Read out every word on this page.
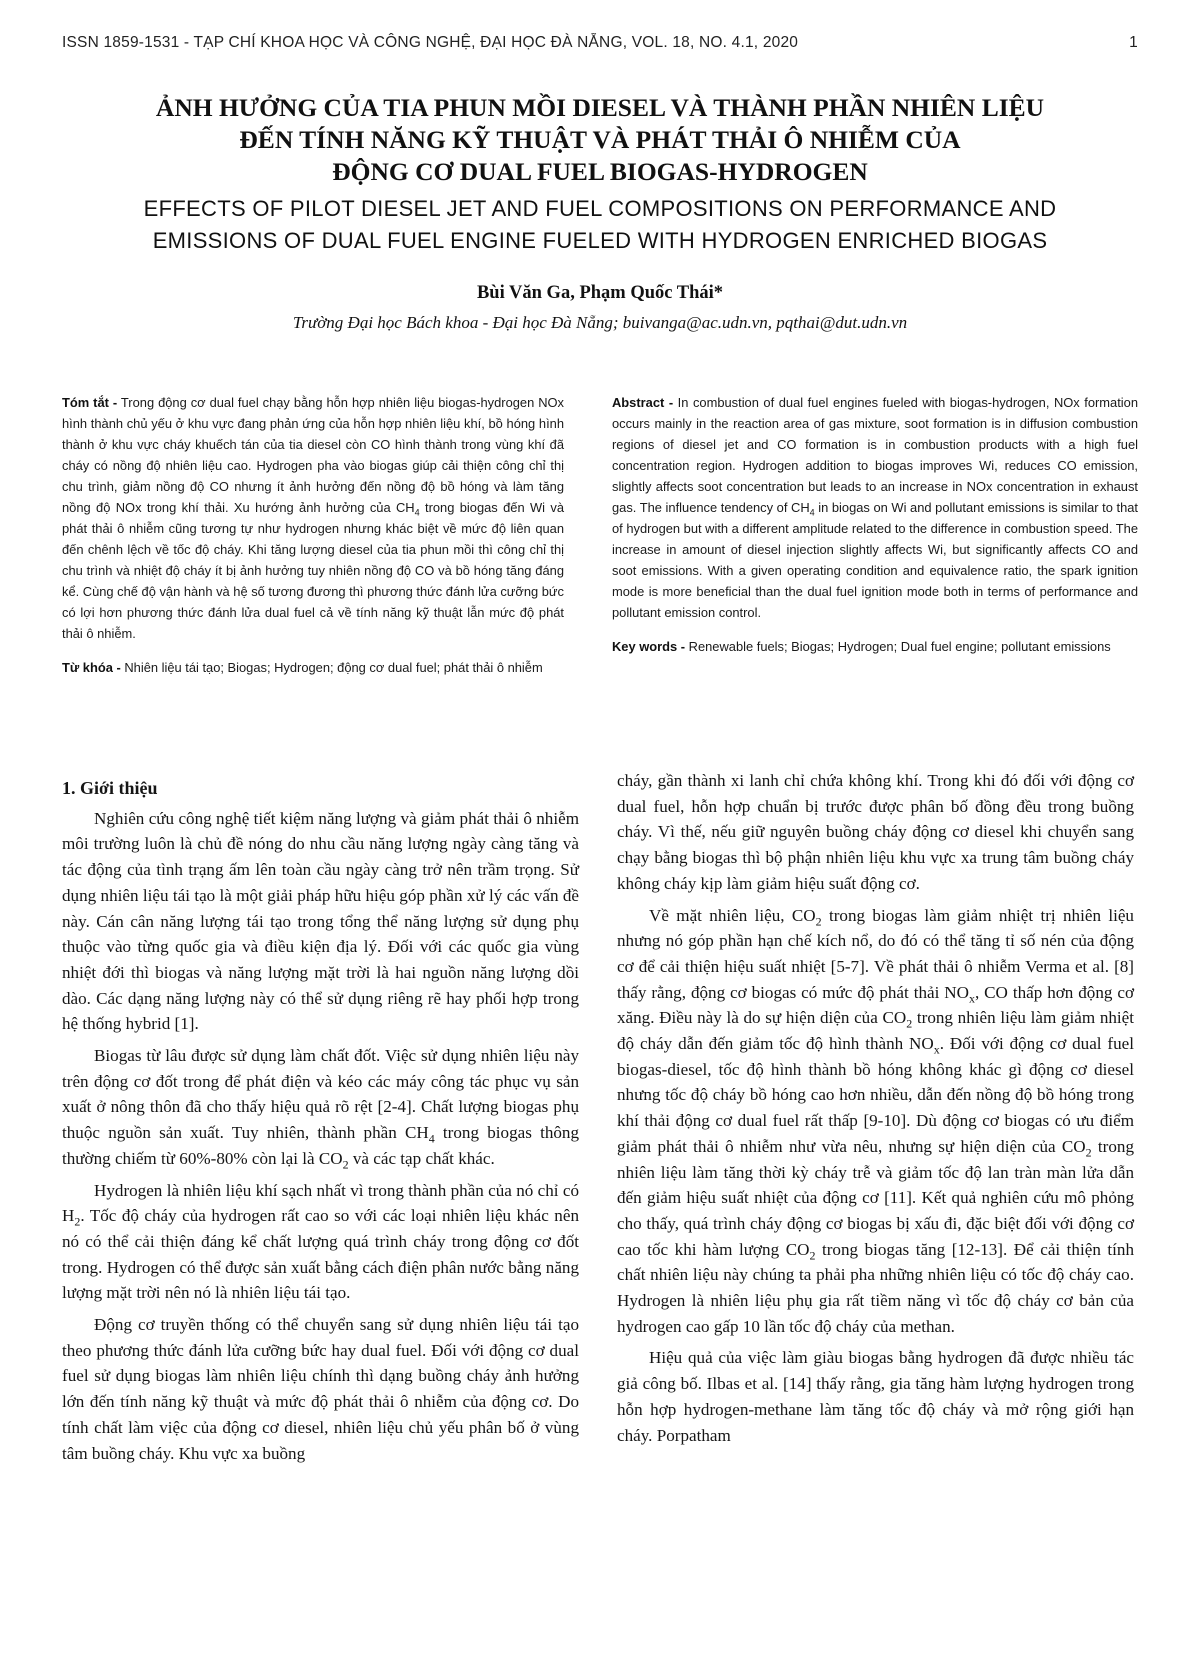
ISSN 1859-1531 - TẠP CHÍ KHOA HỌC VÀ CÔNG NGHỆ, ĐẠI HỌC ĐÀ NẴNG, VOL. 18, NO. 4.1, 2020	1
ẢNH HƯỞNG CỦA TIA PHUN MỒI DIESEL VÀ THÀNH PHẦN NHIÊN LIỆU
ĐẾN TÍNH NĂNG KỸ THUẬT VÀ PHÁT THẢI Ô NHIỄM CỦA
ĐỘNG CƠ DUAL FUEL BIOGAS-HYDROGEN
EFFECTS OF PILOT DIESEL JET AND FUEL COMPOSITIONS ON PERFORMANCE AND
EMISSIONS OF DUAL FUEL ENGINE FUELED WITH HYDROGEN ENRICHED BIOGAS
Bùi Văn Ga, Phạm Quốc Thái*
Trường Đại học Bách khoa - Đại học Đà Nẵng; buivanga@ac.udn.vn, pqthai@dut.udn.vn
Tóm tắt - Trong động cơ dual fuel chạy bằng hỗn hợp nhiên liệu biogas-hydrogen NOx hình thành chủ yếu ở khu vực đang phản ứng của hỗn hợp nhiên liệu khí, bồ hóng hình thành ở khu vực cháy khuếch tán của tia diesel còn CO hình thành trong vùng khí đã cháy có nồng độ nhiên liệu cao. Hydrogen pha vào biogas giúp cải thiện công chỉ thị chu trình, giảm nồng độ CO nhưng ít ảnh hưởng đến nồng độ bồ hóng và làm tăng nồng độ NOx trong khí thải. Xu hướng ảnh hưởng của $CH_4$ trong biogas đến Wi và phát thải ô nhiễm cũng tương tự như hydrogen nhưng khác biệt về mức độ liên quan đến chênh lệch về tốc độ cháy. Khi tăng lượng diesel của tia phun mồi thì công chỉ thị chu trình và nhiệt độ cháy ít bị ảnh hưởng tuy nhiên nồng độ CO và bồ hóng tăng đáng kể. Cùng chế độ vận hành và hệ số tương đương thì phương thức đánh lửa cưỡng bức có lợi hơn phương thức đánh lửa dual fuel cả về tính năng kỹ thuật lẫn mức độ phát thải ô nhiễm.
Từ khóa - Nhiên liệu tái tạo; Biogas; Hydrogen; động cơ dual fuel; phát thải ô nhiễm
Abstract - In combustion of dual fuel engines fueled with biogas-hydrogen, NOx formation occurs mainly in the reaction area of gas mixture, soot formation is in diffusion combustion regions of diesel jet and CO formation is in combustion products with a high fuel concentration region. Hydrogen addition to biogas improves Wi, reduces CO emission, slightly affects soot concentration but leads to an increase in NOx concentration in exhaust gas. The influence tendency of $CH_4$ in biogas on Wi and pollutant emissions is similar to that of hydrogen but with a different amplitude related to the difference in combustion speed. The increase in amount of diesel injection slightly affects Wi, but significantly affects CO and soot emissions. With a given operating condition and equivalence ratio, the spark ignition mode is more beneficial than the dual fuel ignition mode both in terms of performance and pollutant emission control.
Key words - Renewable fuels; Biogas; Hydrogen; Dual fuel engine; pollutant emissions
1. Giới thiệu

Nghiên cứu công nghệ tiết kiệm năng lượng và giảm phát thải ô nhiễm môi trường luôn là chủ đề nóng do nhu cầu năng lượng ngày càng tăng và tác động của tình trạng ấm lên toàn cầu ngày càng trở nên trầm trọng. Sử dụng nhiên liệu tái tạo là một giải pháp hữu hiệu góp phần xử lý các vấn đề này. Cán cân năng lượng tái tạo trong tổng thể năng lượng sử dụng phụ thuộc vào từng quốc gia và điều kiện địa lý. Đối với các quốc gia vùng nhiệt đới thì biogas và năng lượng mặt trời là hai nguồn năng lượng dồi dào. Các dạng năng lượng này có thể sử dụng riêng rẽ hay phối hợp trong hệ thống hybrid [1].

Biogas từ lâu được sử dụng làm chất đốt. Việc sử dụng nhiên liệu này trên động cơ đốt trong để phát điện và kéo các máy công tác phục vụ sản xuất ở nông thôn đã cho thấy hiệu quả rõ rệt [2-4]. Chất lượng biogas phụ thuộc nguồn sản xuất. Tuy nhiên, thành phần $CH_4$ trong biogas thông thường chiếm từ 60%-80% còn lại là $CO_2$ và các tạp chất khác.

Hydrogen là nhiên liệu khí sạch nhất vì trong thành phần của nó chỉ có $H_2$. Tốc độ cháy của hydrogen rất cao so với các loại nhiên liệu khác nên nó có thể cải thiện đáng kể chất lượng quá trình cháy trong động cơ đốt trong. Hydrogen có thể được sản xuất bằng cách điện phân nước bằng năng lượng mặt trời nên nó là nhiên liệu tái tạo.

Động cơ truyền thống có thể chuyển sang sử dụng nhiên liệu tái tạo theo phương thức đánh lửa cưỡng bức hay dual fuel. Đối với động cơ dual fuel sử dụng biogas làm nhiên liệu chính thì dạng buồng cháy ảnh hưởng lớn đến tính năng kỹ thuật và mức độ phát thải ô nhiễm của động cơ. Do tính chất làm việc của động cơ diesel, nhiên liệu chủ yếu phân bố ở vùng tâm buồng cháy. Khu vực xa buồng

cháy, gần thành xi lanh chỉ chứa không khí. Trong khi đó đối với động cơ dual fuel, hỗn hợp chuẩn bị trước được phân bố đồng đều trong buồng cháy. Vì thế, nếu giữ nguyên buồng cháy động cơ diesel khi chuyển sang chạy bằng biogas thì bộ phận nhiên liệu khu vực xa trung tâm buồng cháy không cháy kịp làm giảm hiệu suất động cơ.

Về mặt nhiên liệu, $CO_2$ trong biogas làm giảm nhiệt trị nhiên liệu nhưng nó góp phần hạn chế kích nổ, do đó có thể tăng tỉ số nén của động cơ để cải thiện hiệu suất nhiệt [5-7]. Về phát thải ô nhiễm Verma et al. [8] thấy rằng, động cơ biogas có mức độ phát thải $NO_x$, CO thấp hơn động cơ xăng. Điều này là do sự hiện diện của $CO_2$ trong nhiên liệu làm giảm nhiệt độ cháy dẫn đến giảm tốc độ hình thành $NO_x$. Đối với động cơ dual fuel biogas-diesel, tốc độ hình thành bồ hóng không khác gì động cơ diesel nhưng tốc độ cháy bồ hóng cao hơn nhiều, dẫn đến nồng độ bồ hóng trong khí thải động cơ dual fuel rất thấp [9-10]. Dù động cơ biogas có ưu điểm giảm phát thải ô nhiễm như vừa nêu, nhưng sự hiện diện của $CO_2$ trong nhiên liệu làm tăng thời kỳ cháy trễ và giảm tốc độ lan tràn màn lửa dẫn đến giảm hiệu suất nhiệt của động cơ [11]. Kết quả nghiên cứu mô phỏng cho thấy, quá trình cháy động cơ biogas bị xấu đi, đặc biệt đối với động cơ cao tốc khi hàm lượng $CO_2$ trong biogas tăng [12-13]. Để cải thiện tính chất nhiên liệu này chúng ta phải pha những nhiên liệu có tốc độ cháy cao. Hydrogen là nhiên liệu phụ gia rất tiềm năng vì tốc độ cháy cơ bản của hydrogen cao gấp 10 lần tốc độ cháy của methan.

Hiệu quả của việc làm giàu biogas bằng hydrogen đã được nhiều tác giả công bố. Ilbas et al. [14] thấy rằng, gia tăng hàm lượng hydrogen trong hỗn hợp hydrogen-methane làm tăng tốc độ cháy và mở rộng giới hạn cháy. Porpatham
